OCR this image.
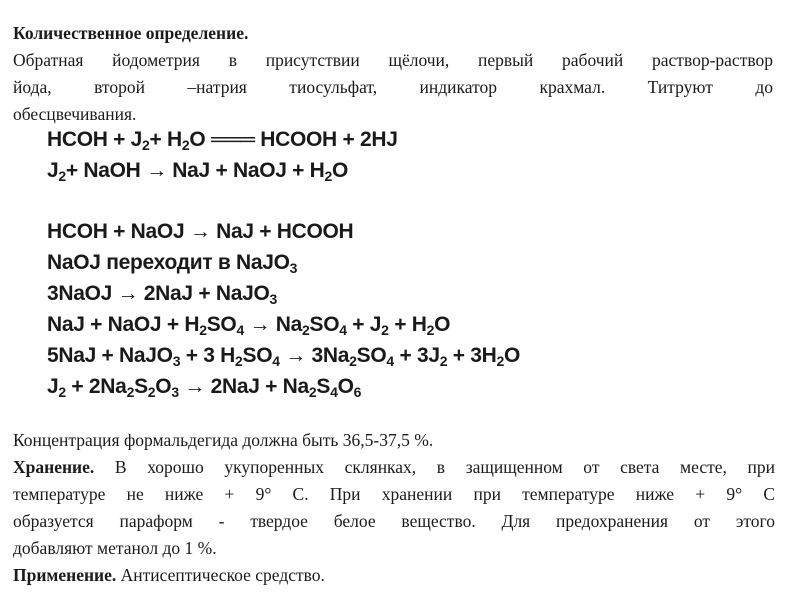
Количественное определение.
Обратная йодометрия в присутствии щёлочи, первый рабочий раствор-раствор
йода, второй –натрия тиосульфат, индикатор крахмал. Титруют до
обесцвечивания.
HCOH + $J_2+ H_2O$ ═══ HCOOH + 2HJ
$J_2+$ NaOH → NaJ + NaOJ + $H_2O$
HCOH + NaOJ → NaJ + HCOOH
NaOJ переходит в NaJO$_3$
3NaOJ → 2NaJ + NaJO$_3$
NaJ + NaOJ + $H_2SO_4 \to Na_2SO_4 + J_2 + H_2O$
5NaJ + NaJO$_3$ + 3 $H_2SO_4 \to 3Na_2SO_4 + 3J_2 + 3H_2O$
$J_2 + 2Na_2S_2O_3 \to 2NaJ + Na_2S_4O_6$
Концентрация формальдегида должна быть 36,5-37,5 %.
Хранение. В хорошо укупоренных склянках, в защищенном от света месте, при
температуре не ниже + 9° С. При хранении при температуре ниже + 9° С
образуется параформ - твердое белое вещество. Для предохранения от этого
добавляют метанол до 1 %.
Применение. Антисептическое средство.
